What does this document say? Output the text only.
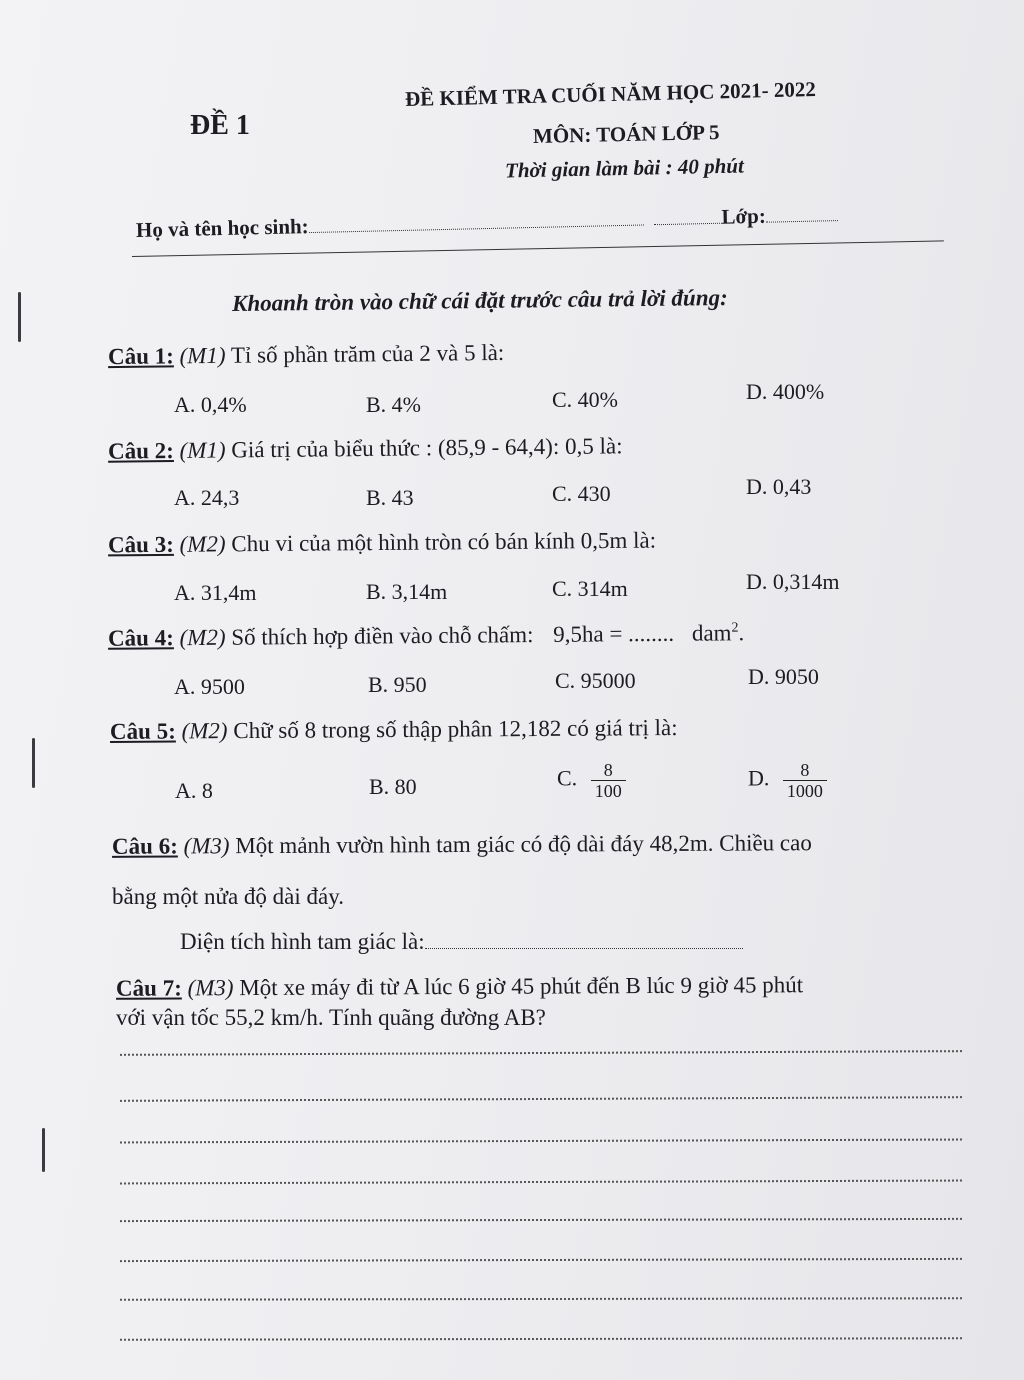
ĐỀ 1
ĐỀ KIỂM TRA CUỐI NĂM HỌC 2021- 2022
MÔN: TOÁN LỚP 5
Thời gian làm bài : 40 phút
Họ và tên học sinh:	Lớp:
Khoanh tròn vào chữ cái đặt trước câu trả lời đúng:
Câu 1: (M1) Tỉ số phần trăm của 2 và 5 là:
A. 0,4%	B. 4%	C. 40%	D. 400%
Câu 2: (M1) Giá trị của biểu thức : (85,9 - 64,4): 0,5 là:
A. 24,3	B. 43	C. 430	D. 0,43
Câu 3: (M2) Chu vi của một hình tròn có bán kính 0,5m là:
A. 31,4m	B. 3,14m	C. 314m	D. 0,314m
Câu 4: (M2) Số thích hợp điền vào chỗ chấm: 9,5ha = ........ dam$^2$.
A. 9500	B. 950	C. 95000	D. 9050
Câu 5: (M2) Chữ số 8 trong số thập phân 12,182 có giá trị là:
A. 8	B. 80	C. $\frac{8}{100}$	D. $\frac{8}{1000}$
Câu 6: (M3) Một mảnh vườn hình tam giác có độ dài đáy 48,2m. Chiều cao
bằng một nửa độ dài đáy.
Diện tích hình tam giác là:
Câu 7: (M3) Một xe máy đi từ A lúc 6 giờ 45 phút đến B lúc 9 giờ 45 phút
với vận tốc 55,2 km/h. Tính quãng đường AB?
